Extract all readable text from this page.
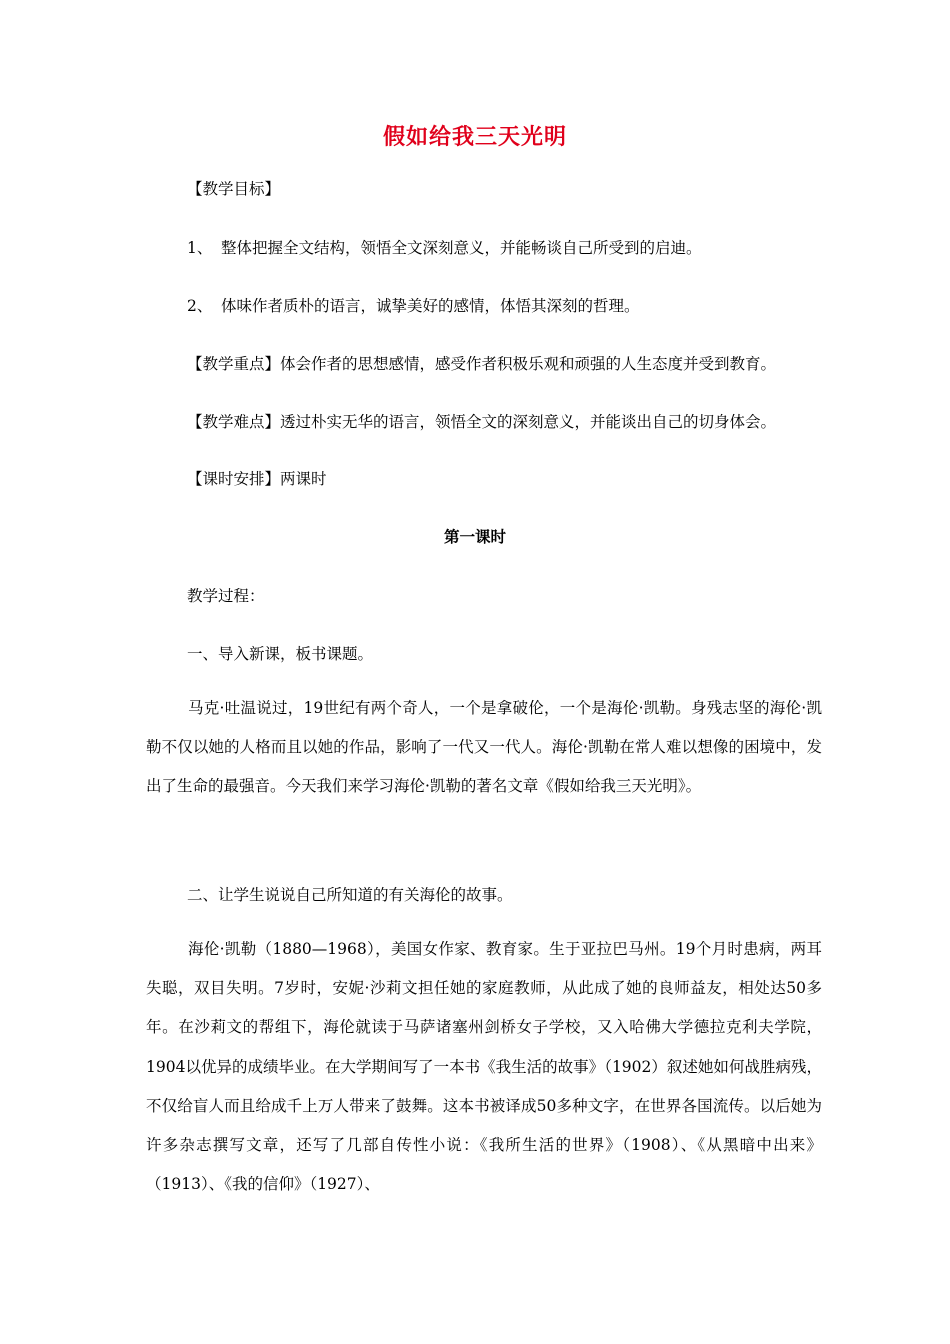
假如给我三天光明
【教学目标】
1、 整体把握全文结构，领悟全文深刻意义，并能畅谈自己所受到的启迪。
2、 体味作者质朴的语言，诚挚美好的感情，体悟其深刻的哲理。
【教学重点】体会作者的思想感情，感受作者积极乐观和顽强的人生态度并受到教育。
【教学难点】透过朴实无华的语言，领悟全文的深刻意义，并能谈出自己的切身体会。
【课时安排】两课时
第一课时
教学过程：
一、导入新课，板书课题。

马克·吐温说过，19世纪有两个奇人，一个是拿破伦，一个是海伦·凯勒。身残志坚的海伦·凯勒不仅以她的人格而且以她的作品，影响了一代又一代人。海伦·凯勒在常人难以想像的困境中，发出了生命的最强音。今天我们来学习海伦·凯勒的著名文章《假如给我三天光明》。

二、让学生说说自己所知道的有关海伦的故事。

海伦·凯勒（1880—1968），美国女作家、教育家。生于亚拉巴马州。19个月时患病，两耳失聪，双目失明。7岁时，安妮·沙莉文担任她的家庭教师，从此成了她的良师益友，相处达50多年。在沙莉文的帮组下，海伦就读于马萨诸塞州剑桥女子学校，又入哈佛大学德拉克利夫学院，1904以优异的成绩毕业。在大学期间写了一本书《我生活的故事》（1902）叙述她如何战胜病残，不仅给盲人而且给成千上万人带来了鼓舞。这本书被译成50多种文字，在世界各国流传。以后她为许多杂志撰写文章，还写了几部自传性小说：《我所生活的世界》（1908）、《从黑暗中出来》（1913）、《我的信仰》（1927）、
